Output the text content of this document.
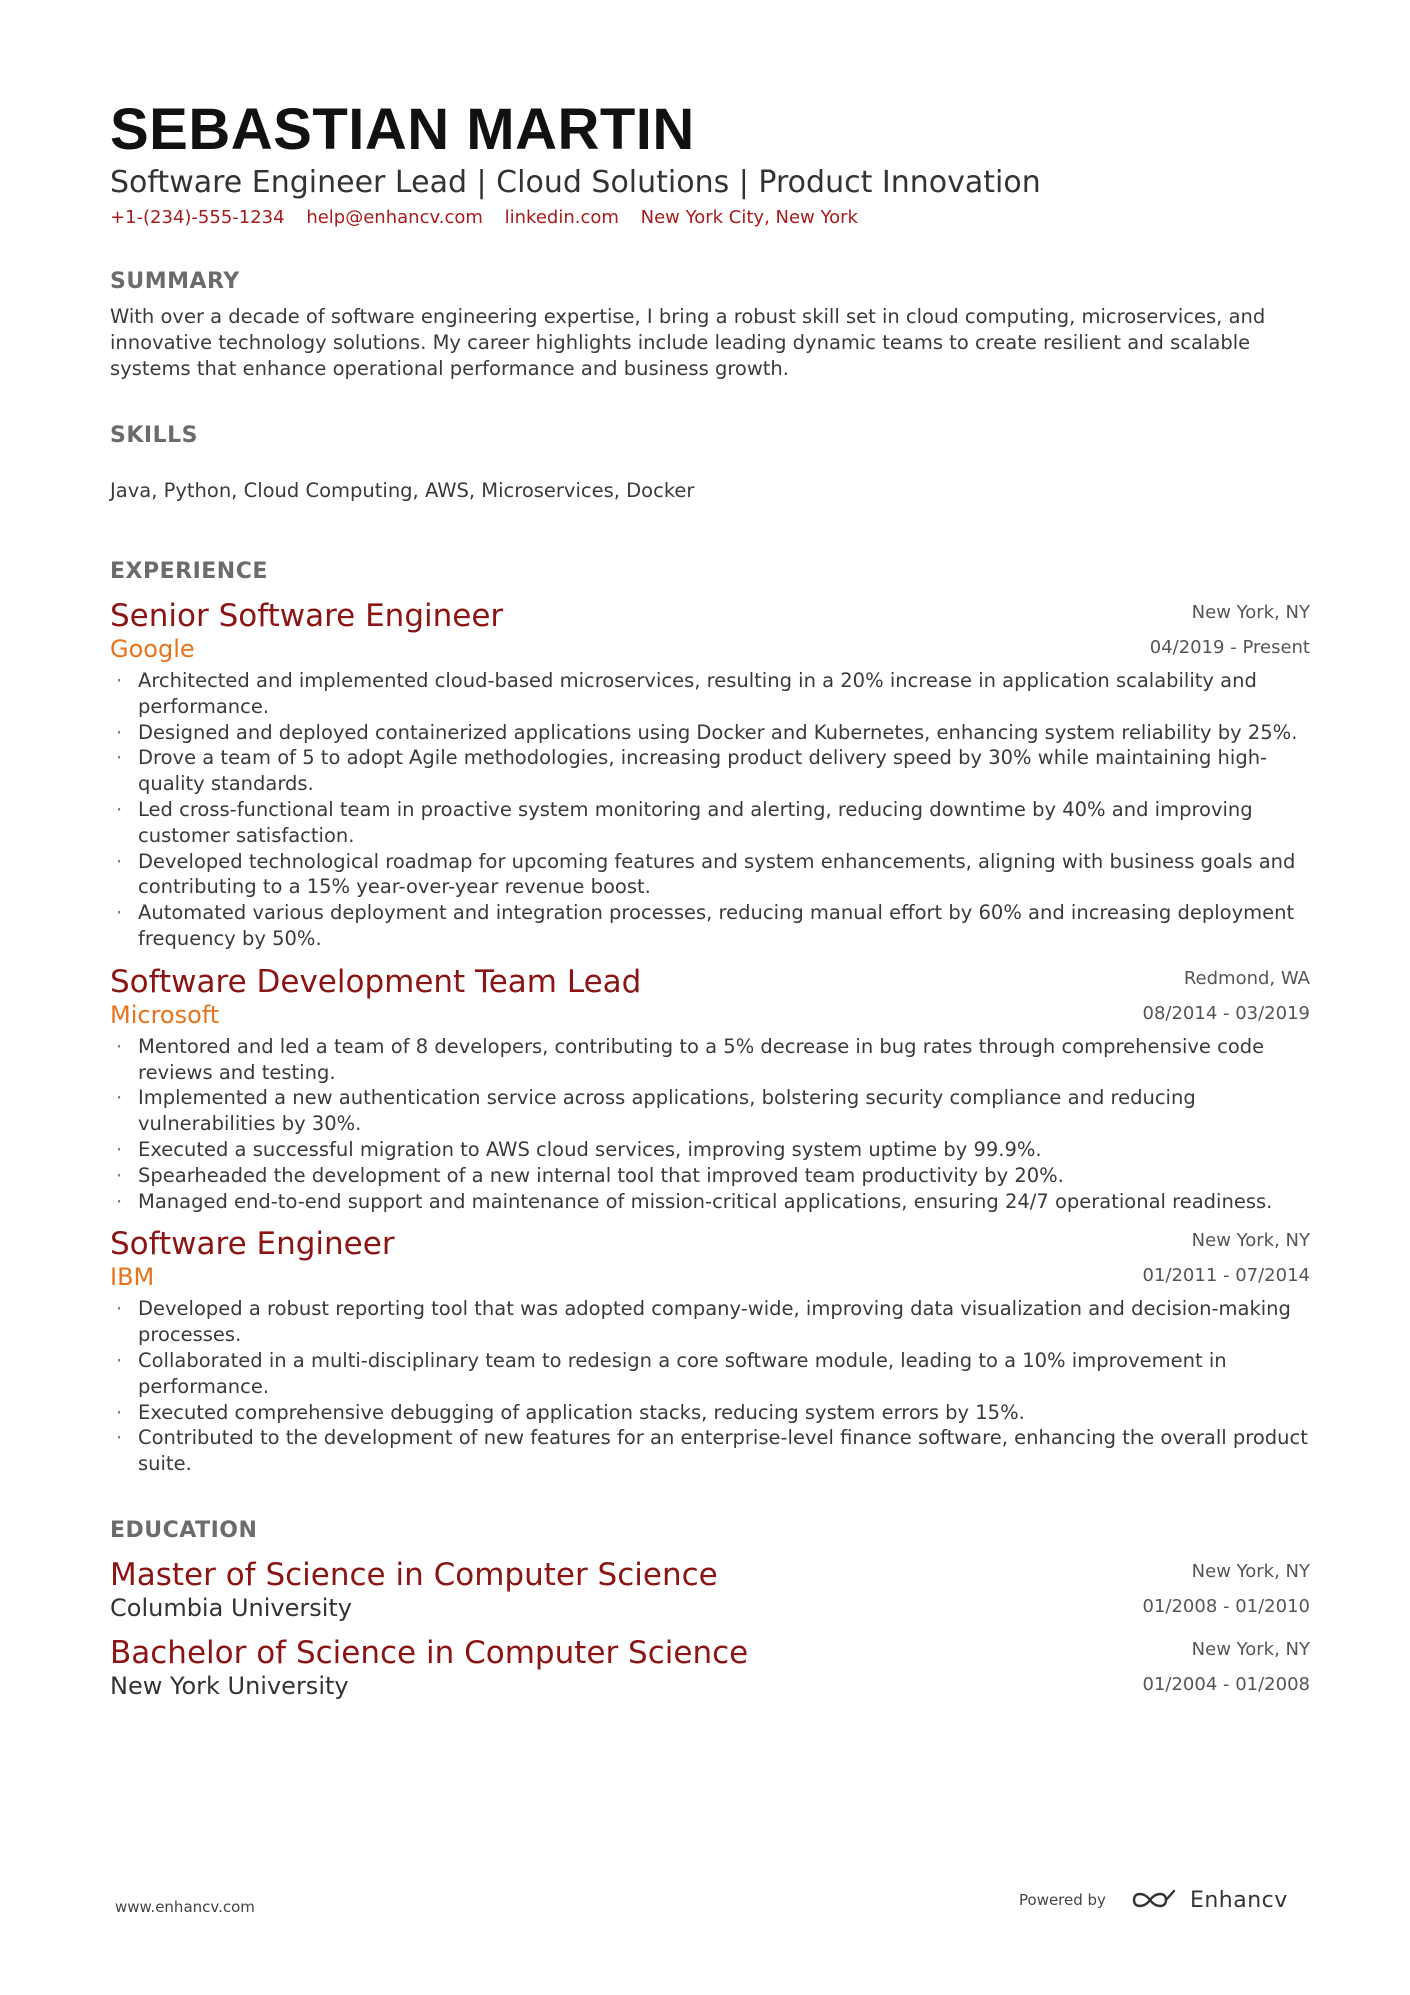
SEBASTIAN MARTIN
Software Engineer Lead | Cloud Solutions | Product Innovation
+1-(234)-555-1234 help@enhancv.com linkedin.com New York City, New York
SUMMARY
With over a decade of software engineering expertise, I bring a robust skill set in cloud computing, microservices, and innovative technology solutions. My career highlights include leading dynamic teams to create resilient and scalable systems that enhance operational performance and business growth.
SKILLS
Java, Python, Cloud Computing, AWS, Microservices, Docker
EXPERIENCE
Senior Software Engineer
Google
New York, NY
04/2019 - Present
· Architected and implemented cloud-based microservices, resulting in a 20% increase in application scalability and performance.
· Designed and deployed containerized applications using Docker and Kubernetes, enhancing system reliability by 25%.
· Drove a team of 5 to adopt Agile methodologies, increasing product delivery speed by 30% while maintaining high-quality standards.
· Led cross-functional team in proactive system monitoring and alerting, reducing downtime by 40% and improving customer satisfaction.
· Developed technological roadmap for upcoming features and system enhancements, aligning with business goals and contributing to a 15% year-over-year revenue boost.
· Automated various deployment and integration processes, reducing manual effort by 60% and increasing deployment frequency by 50%.
Software Development Team Lead
Microsoft
Redmond, WA
08/2014 - 03/2019
· Mentored and led a team of 8 developers, contributing to a 5% decrease in bug rates through comprehensive code reviews and testing.
· Implemented a new authentication service across applications, bolstering security compliance and reducing vulnerabilities by 30%.
· Executed a successful migration to AWS cloud services, improving system uptime by 99.9%.
· Spearheaded the development of a new internal tool that improved team productivity by 20%.
· Managed end-to-end support and maintenance of mission-critical applications, ensuring 24/7 operational readiness.
Software Engineer
IBM
New York, NY
01/2011 - 07/2014
· Developed a robust reporting tool that was adopted company-wide, improving data visualization and decision-making processes.
· Collaborated in a multi-disciplinary team to redesign a core software module, leading to a 10% improvement in performance.
· Executed comprehensive debugging of application stacks, reducing system errors by 15%.
· Contributed to the development of new features for an enterprise-level finance software, enhancing the overall product suite.
EDUCATION
Master of Science in Computer Science
Columbia University
New York, NY
01/2008 - 01/2010
Bachelor of Science in Computer Science
New York University
New York, NY
01/2004 - 01/2008
www.enhancv.com	Powered by	Enhancv
